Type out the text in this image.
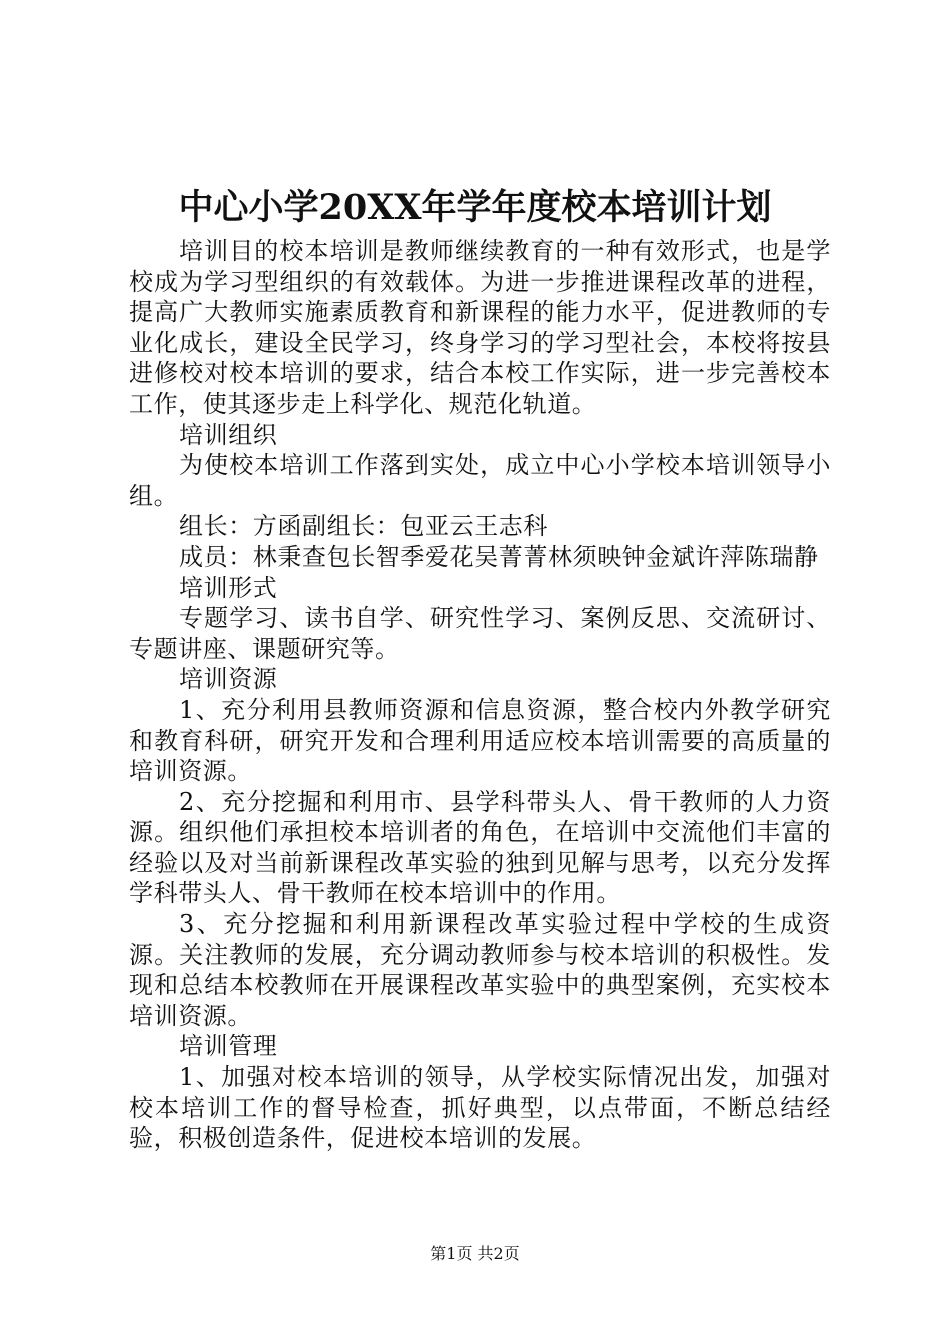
中心小学20XX年学年度校本培训计划

培训目的校本培训是教师继续教育的一种有效形式，也是学校成为学习型组织的有效载体。为进一步推进课程改革的进程，提高广大教师实施素质教育和新课程的能力水平，促进教师的专业化成长，建设全民学习，终身学习的学习型社会，本校将按县进修校对校本培训的要求，结合本校工作实际，进一步完善校本工作，使其逐步走上科学化、规范化轨道。

培训组织

为使校本培训工作落到实处，成立中心小学校本培训领导小组。

组长：方函副组长：包亚云王志科

成员：林秉查包长智季爱花吴菁菁林须映钟金斌许萍陈瑞静

培训形式

专题学习、读书自学、研究性学习、案例反思、交流研讨、专题讲座、课题研究等。

培训资源

1、充分利用县教师资源和信息资源，整合校内外教学研究和教育科研，研究开发和合理利用适应校本培训需要的高质量的培训资源。

2、充分挖掘和利用市、县学科带头人、骨干教师的人力资源。组织他们承担校本培训者的角色，在培训中交流他们丰富的经验以及对当前新课程改革实验的独到见解与思考，以充分发挥学科带头人、骨干教师在校本培训中的作用。

3、充分挖掘和利用新课程改革实验过程中学校的生成资源。关注教师的发展，充分调动教师参与校本培训的积极性。发现和总结本校教师在开展课程改革实验中的典型案例，充实校本培训资源。

培训管理

1、加强对校本培训的领导，从学校实际情况出发，加强对校本培训工作的督导检查，抓好典型，以点带面，不断总结经验，积极创造条件，促进校本培训的发展。

第1页 共2页
